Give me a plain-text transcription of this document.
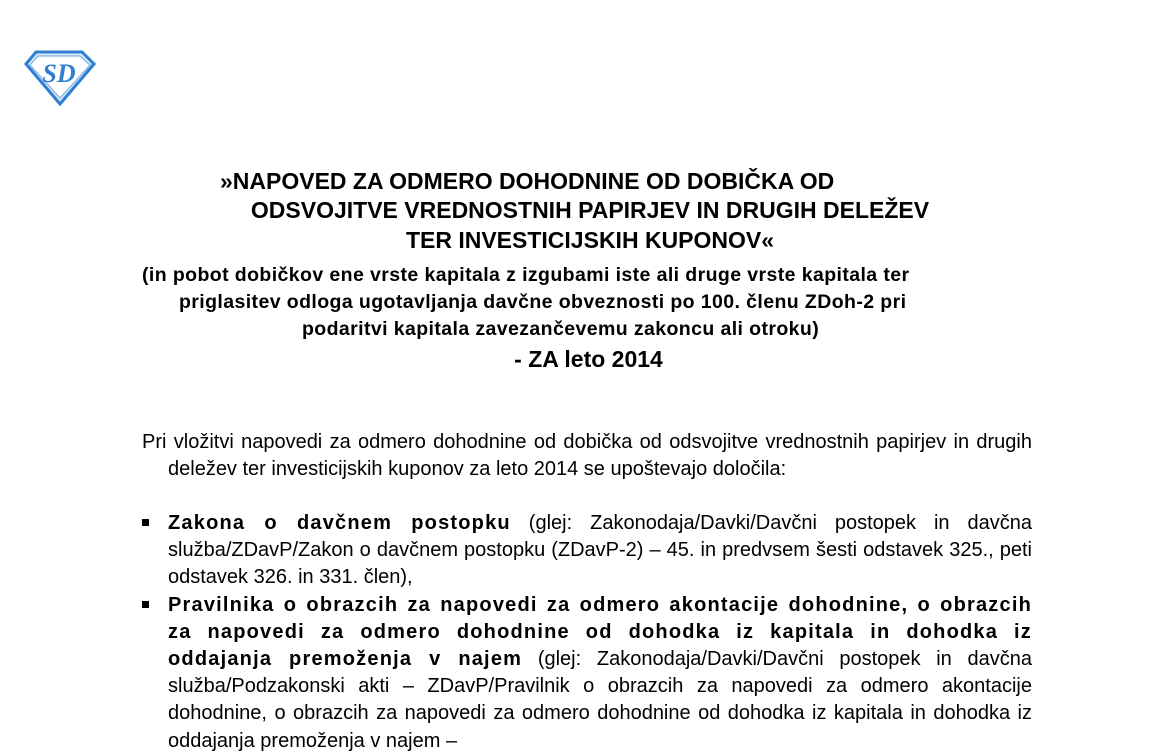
SD

»NAPOVED ZA ODMERO DOHODNINE OD DOBIČKA OD

ODSVOJITVE VREDNOSTNIH PAPIRJEV IN DRUGIH DELEŽEV

TER INVESTICIJSKIH KUPONOV«

(in pobot dobičkov ene vrste kapitala z izgubami iste ali druge vrste kapitala ter

priglasitev odloga ugotavljanja davčne obveznosti po 100. členu ZDoh-2 pri

podaritvi kapitala zavezančevemu zakoncu ali otroku)

- ZA leto 2014

Pri vložitvi napovedi za odmero dohodnine od dobička od odsvojitve vrednostnih papirjev in drugih deležev ter investicijskih kuponov za leto 2014 se upoštevajo določila:

Zakona o davčnem postopku (glej: Zakonodaja/Davki/Davčni postopek in davčna služba/ZDavP/Zakon o davčnem postopku (ZDavP-2) – 45. in predvsem šesti odstavek 325., peti odstavek 326. in 331. člen),
Pravilnika o obrazcih za napovedi za odmero akontacije dohodnine, o obrazcih za napovedi za odmero dohodnine od dohodka iz kapitala in dohodka iz oddajanja premoženja v najem (glej: Zakonodaja/Davki/Davčni postopek in davčna služba/Podzakonski akti – ZDavP/Pravilnik o obrazcih za napovedi za odmero akontacije dohodnine, o obrazcih za napovedi za odmero dohodnine od dohodka iz kapitala in dohodka iz oddajanja premoženja v najem –
